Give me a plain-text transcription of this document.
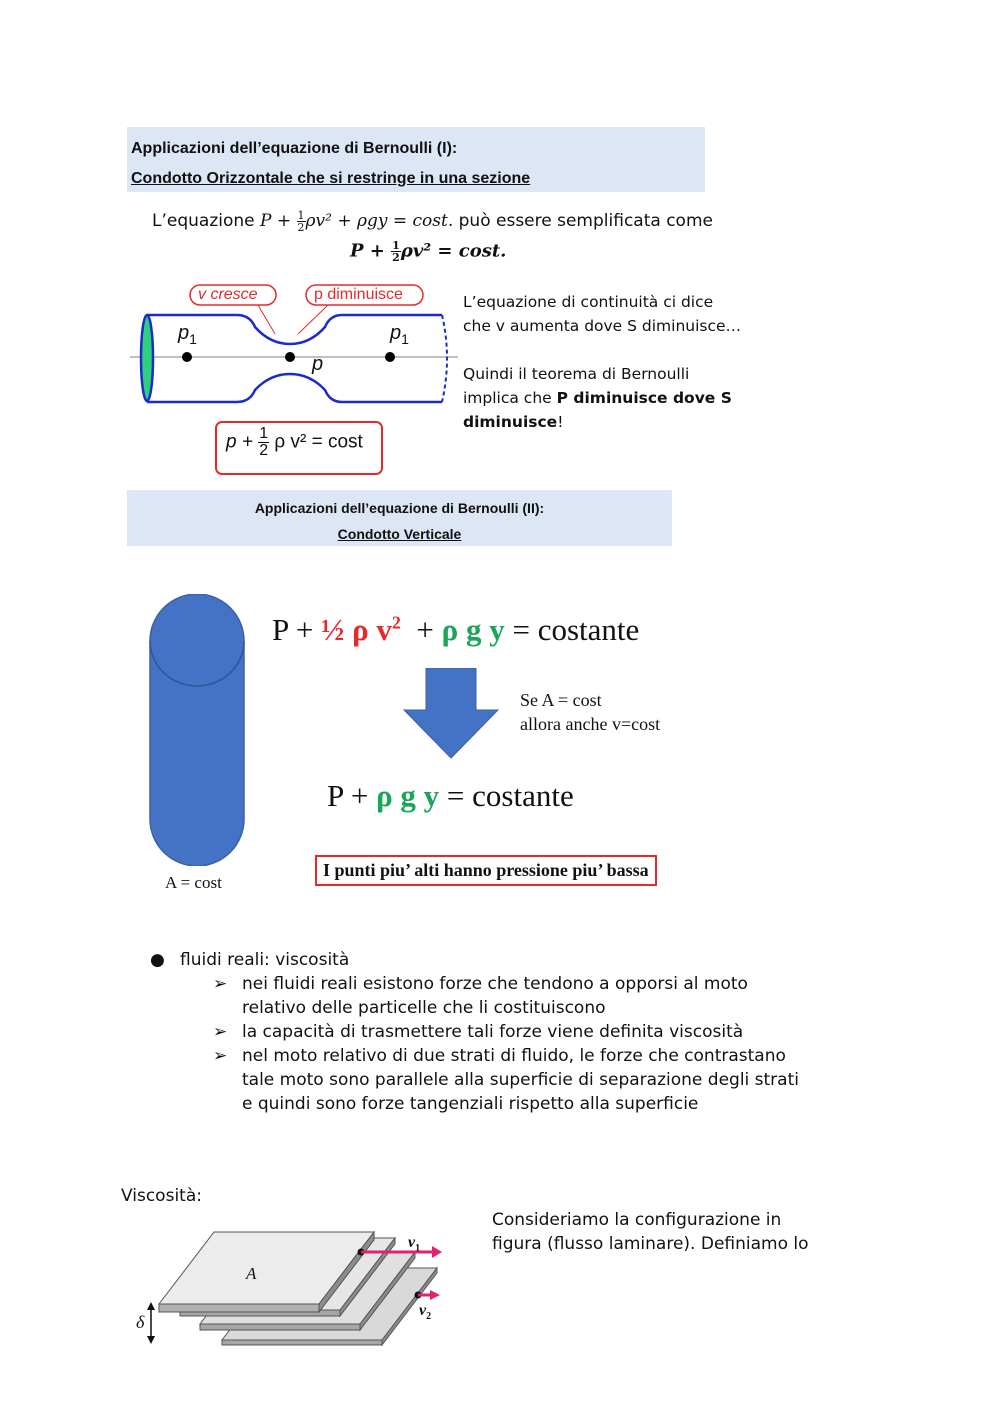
Applicazioni dell’equazione di Bernoulli (I):
Condotto Orizzontale che si restringe in una sezione
L’equazione $P + \frac{1}{2} \rho v^2 + \rho gy = \cos t$. può essere semplificata come
$P + \frac{1}{2} \rho v^2 = \cos t$.
v cresce	p diminuisce
$p_1$	$p_1$
p
$p + \frac{1}{2}$ ρ v² = cost
L’equazione di continuità ci dice
che v aumenta dove S diminuisce…
Quindi il teorema di Bernoulli
implica che P diminuisce dove S
diminuisce!
Applicazioni dell’equazione di Bernoulli (II):
Condotto Verticale
A = cost
P + ½ ρ $v^2 + \rho$ g y = costante
Se A = cost
allora anche v=cost
P + ρ g y = costante
I punti piu’ alti hanno pressione piu’ bassa
● fluidi reali: viscosità
➢ nei fluidi reali esistono forze che tendono a opporsi al moto
relativo delle particelle che li costituiscono
➢ la capacità di trasmettere tali forze viene definita viscosità
➢ nel moto relativo di due strati di fluido, le forze che contrastano
tale moto sono parallele alla superficie di separazione degli strati
e quindi sono forze tangenziali rispetto alla superficie
Viscosità:
A
δ
$v_1$
$v_2$
Consideriamo la configurazione in
figura (flusso laminare). Definiamo lo
